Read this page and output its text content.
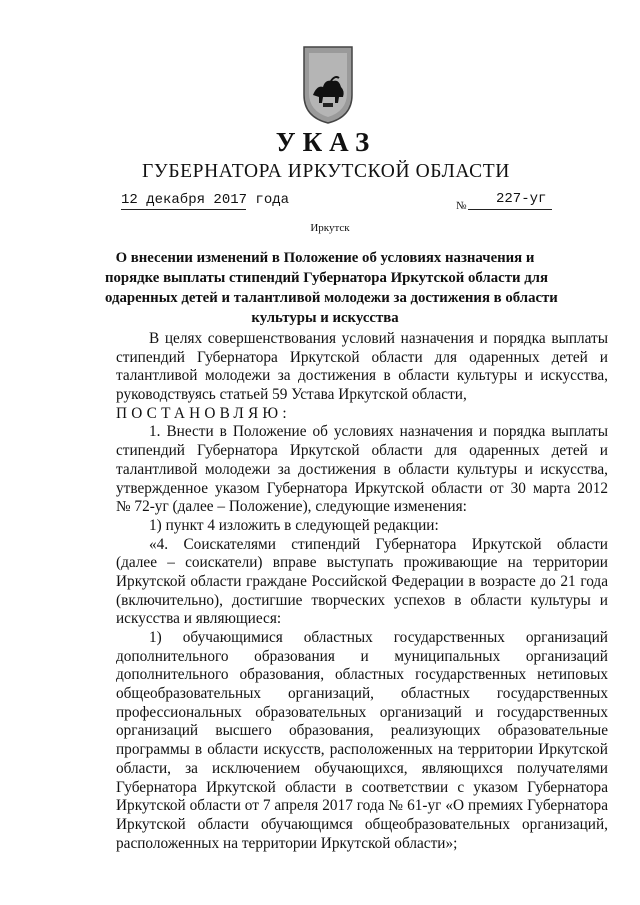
УКАЗ
ГУБЕРНАТОРА ИРКУТСКОЙ ОБЛАСТИ
12 декабря 2017 года	№ 227-уг
Иркутск
О внесении изменений в Положение об условиях назначения и
порядке выплаты стипендий Губернатора Иркутской области для
одаренных детей и талантливой молодежи за достижения в области
культуры и искусства
В целях совершенствования условий назначения и порядка выплаты
стипендий Губернатора Иркутской области для одаренных детей и
талантливой молодежи за достижения в области культуры и искусства,
руководствуясь статьей 59 Устава Иркутской области,
ПОСТАНОВЛЯЮ:
1. Внести в Положение об условиях назначения и порядка выплаты
стипендий Губернатора Иркутской области для одаренных детей и
талантливой молодежи за достижения в области культуры и искусства,
утвержденное указом Губернатора Иркутской области от 30 марта 2012
№ 72-уг (далее – Положение), следующие изменения:
1) пункт 4 изложить в следующей редакции:
«4. Соискателями стипендий Губернатора Иркутской области
(далее – соискатели) вправе выступать проживающие на территории
Иркутской области граждане Российской Федерации в возрасте до 21 года
(включительно), достигшие творческих успехов в области культуры и
искусства и являющиеся:
1) обучающимися областных государственных организаций
дополнительного образования и муниципальных организаций
дополнительного образования, областных государственных нетиповых
общеобразовательных организаций, областных государственных
профессиональных образовательных организаций и государственных
организаций высшего образования, реализующих образовательные
программы в области искусств, расположенных на территории Иркутской
области, за исключением обучающихся, являющихся получателями
Губернатора Иркутской области в соответствии с указом Губернатора
Иркутской области от 7 апреля 2017 года № 61-уг «О премиях Губернатора
Иркутской области обучающимся общеобразовательных организаций,
расположенных на территории Иркутской области»;
